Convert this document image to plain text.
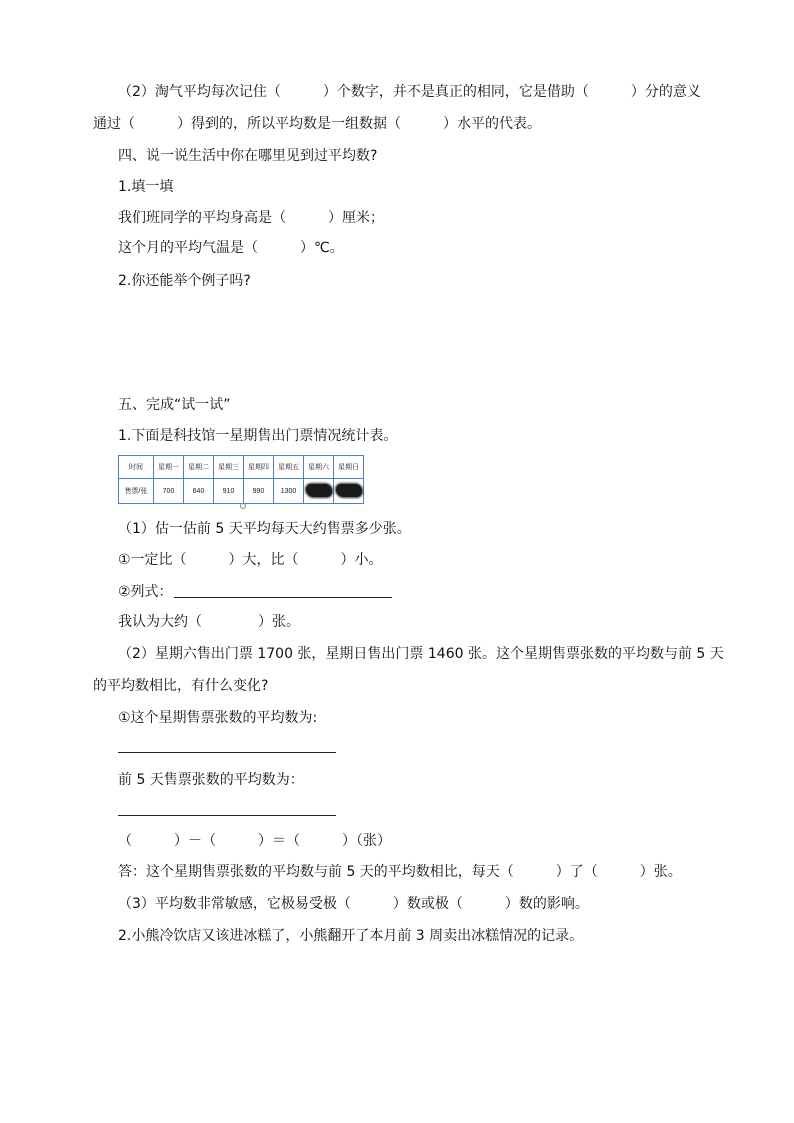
（2）淘气平均每次记住（　　　）个数字，并不是真正的相同，它是借助（　　　）分的意义
通过（　　　）得到的，所以平均数是一组数据（　　　）水平的代表。
四、说一说生活中你在哪里见到过平均数?
1.填一填
我们班同学的平均身高是（　　　）厘米；
这个月的平均气温是（　　　）℃。
2.你还能举个例子吗?
五、完成“试一试”
1.下面是科技馆一星期售出门票情况统计表。
时间	星期一	星期二	星期三	星期四	星期五	星期六	星期日
售票/张	700	640	910	990	1300		
（1）估一估前 5 天平均每天大约售票多少张。
①一定比（　　　）大，比（　　　）小。
②列式：
我认为大约（　　　　）张。
（2）星期六售出门票 1700 张，星期日售出门票 1460 张。这个星期售票张数的平均数与前 5 天
的平均数相比，有什么变化?
①这个星期售票张数的平均数为:
前 5 天售票张数的平均数为：
（　　　）－（　　　）＝（　　　）（张）
答：这个星期售票张数的平均数与前 5 天的平均数相比，每天（　　　）了（　　　）张。
（3）平均数非常敏感，它极易受极（　　　）数或极（　　　）数的影响。
2.小熊冷饮店又该进冰糕了，小熊翻开了本月前 3 周卖出冰糕情况的记录。
